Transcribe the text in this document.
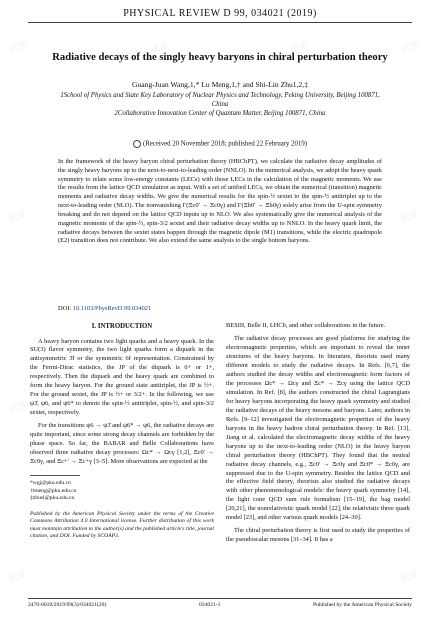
试读	试读	试读	试读
试读	试读
试读	试读
试读	试读
PHYSICAL REVIEW D 99, 034021 (2019)
Radiative decays of the singly heavy baryons in chiral perturbation theory
Guang-Juan Wang,1,* Lu Meng,1,† and Shi-Lin Zhu1,2,‡
1School of Physics and State Key Laboratory of Nuclear Physics and Technology, Peking University, Beijing 100871, China
2Collaborative Innovation Center of Quantum Matter, Beijing 100871, China
(Received 20 November 2018; published 22 February 2019)
In the framework of the heavy baryon chiral perturbation theory (HBChPT), we calculate the radiative decay amplitudes of the singly heavy baryons up to the next-to-next-to-leading order (NNLO). In the numerical analysis, we adopt the heavy quark symmetry to relate some low-energy constants (LECs) with those LECs in the calculation of the magnetic moments. We use the results from the lattice QCD simulation as input. With a set of unified LECs, we obtain the numerical (transition) magnetic moments and radiative decay widths. We give the numerical results for the spin-½ sextet to the spin-½ antitriplet up to the next-to-leading order (NLO). The nonvanishing Γ(Ξc0′ → Ξc0γ) and Γ(Ξb0′ → Ξb0γ) solely arise from the U-spin symmetry breaking and do not depend on the lattice QCD inputs up to NLO. We also systematically give the numerical analysis of the magnetic moments of the spin-½, spin-3/2 sextet and their radiative decay widths up to NNLO. In the heavy quark limit, the radiative decays between the sextet states happen through the magnetic dipole (M1) transitions, while the electric quadrupole (E2) transition does not contribute. We also extend the same analysis to the single bottom baryons.
DOI: 10.1103/PhysRevD.99.034021
I. INTRODUCTION

A heavy baryon contains two light quarks and a heavy quark. In the SU(3) flavor symmetry, the two light quarks form a diquark in the antisymmetric 3̄f or the symmetric 6f representation. Constrained by the Fermi-Dirac statistics, the JP of the diquark is 0+ or 1+, respectively. Then the diquark and the heavy quark are combined to form the heavy baryon. For the ground state antitriplet, the JP is ½+. For the ground sextet, the JP is ½+ or 3/2+. In the following, we use ψ3̄, ψ6, and ψ6* to denote the spin-½ antitriplet, spin-½, and spin-3/2 sextet, respectively.

For the transitions ψ6 → ψ3̄ and ψ6* → ψ6, the radiative decays are quite important, since some strong decay channels are forbidden by the phase space. So far, the BABAR and Belle Collaborations have observed three radiative decay processes: Ωc* → Ωcγ [1,2], Ξc0′ → Ξc0γ, and Ξc+′ → Ξc+γ [3–5]. More observations are expected at the

*wgj@pku.edu.cn
†lmeng@pku.edu.cn
‡zhusl@pku.edu.cn
Published by the American Physical Society under the terms of the Creative Commons Attribution 4.0 International license. Further distribution of this work must maintain attribution to the author(s) and the published article's title, journal citation, and DOI. Funded by SCOAP3.

BESIII, Belle II, LHCb, and other collaborations in the future.

The radiative decay processes are good platforms for studying the electromagnetic properties, which are important to reveal the inner structures of the heavy baryons. In literature, theorists used many different models to study the radiative decays. In Refs. [6,7], the authors studied the decay widths and electromagnetic form factors of the processes Ωc* → Ωcγ and Ξc* → Ξcγ using the lattice QCD simulation. In Ref. [8], the authors constructed the chiral Lagrangians for heavy baryons incorporating the heavy quark symmetry and studied the radiative decays of the heavy mesons and baryons. Later, authors in Refs. [9–12] investigated the electromagnetic properties of the heavy baryons in the heavy hadron chiral perturbation theory. In Ref. [13], Jiang et al. calculated the electromagnetic decay widths of the heavy baryons up to the next-to-leading order (NLO) in the heavy baryon chiral perturbation theory (HBChPT). They found that the neutral radiative decay channels, e.g., Ξc0′ → Ξc0γ and Ξc0* → Ξc0γ, are suppressed due to the U-spin symmetry. Besides the lattice QCD and the effective field theory, theorists also studied the radiative decays with other phenomenological models: the heavy quark symmetry [14], the light cone QCD sum rule formalism [15–19], the bag model [20,21], the nonrelativistic quark model [22], the relativistic three quark model [23], and other various quark models [24–30].

The chiral perturbation theory is first used to study the properties of the pseudoscalar mesons [31–34]. It has a

2470-0010/2019/99(3)/034021(20)	034021-1	Published by the American Physical Society
